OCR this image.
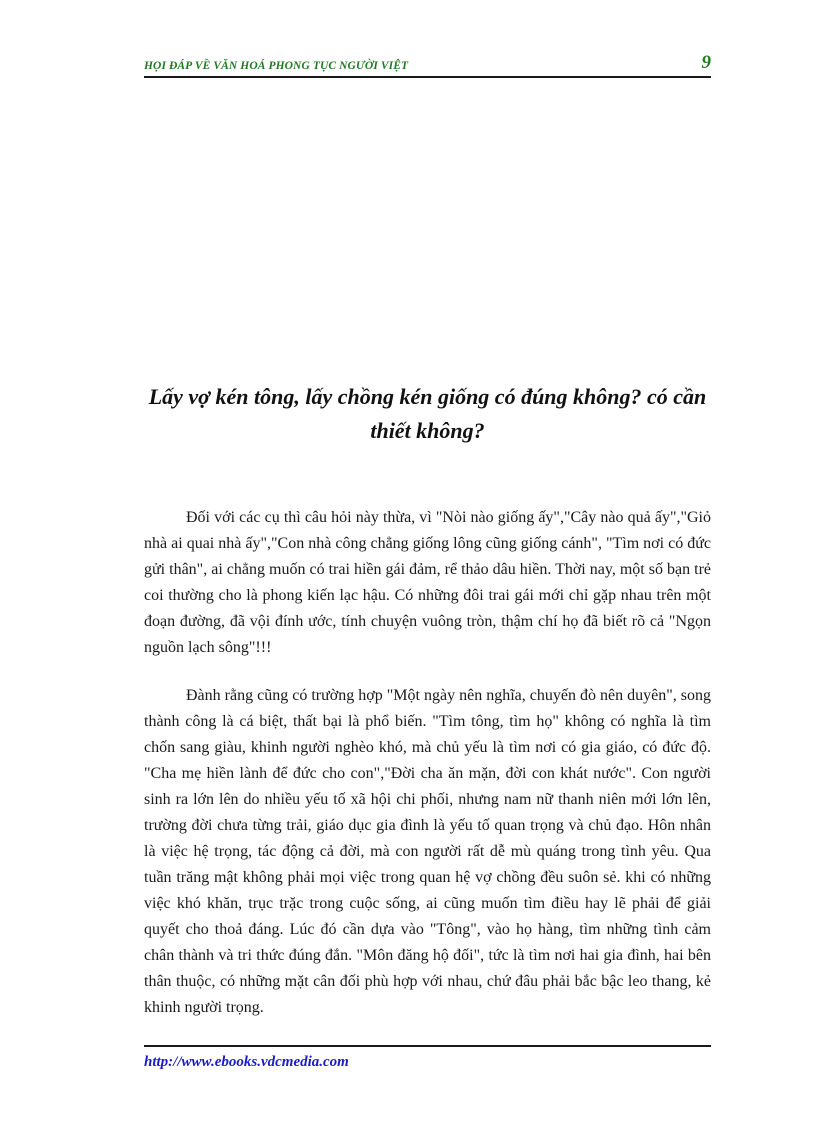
HỌI ĐÁP VỀ VĂN HOÁ PHONG TỤC NGƯỜI VIỆT	9
Lấy vợ kén tông, lấy chồng kén giống có đúng không? có cần thiết không?

Đối với các cụ thì câu hỏi này thừa, vì "Nòi nào giống ấy","Cây nào quả ấy","Giỏ nhà ai quai nhà ấy","Con nhà công chẳng giống lông cũng giống cánh", "Tìm nơi có đức gửi thân", ai chẳng muốn có trai hiền gái đảm, rể thảo dâu hiền. Thời nay, một số bạn trẻ coi thường cho là phong kiến lạc hậu. Có những đôi trai gái mới chỉ gặp nhau trên một đoạn đường, đã vội đính ước, tính chuyện vuông tròn, thậm chí họ đã biết rõ cả "Ngọn nguồn lạch sông"!!!

Đành rằng cũng có trường hợp "Một ngày nên nghĩa, chuyến đò nên duyên", song thành công là cá biệt, thất bại là phổ biến. "Tìm tông, tìm họ" không có nghĩa là tìm chốn sang giàu, khinh người nghèo khó, mà chủ yếu là tìm nơi có gia giáo, có đức độ. "Cha mẹ hiền lành để đức cho con","Đời cha ăn mặn, đời con khát nước". Con người sinh ra lớn lên do nhiều yếu tố xã hội chi phối, nhưng nam nữ thanh niên mới lớn lên, trường đời chưa từng trải, giáo dục gia đình là yếu tố quan trọng và chủ đạo. Hôn nhân là việc hệ trọng, tác động cả đời, mà con người rất dễ mù quáng trong tình yêu. Qua tuần trăng mật không phải mọi việc trong quan hệ vợ chồng đều suôn sẻ. khi có những việc khó khăn, trục trặc trong cuộc sống, ai cũng muốn tìm điều hay lẽ phải để giải quyết cho thoả đáng. Lúc đó cần dựa vào "Tông", vào họ hàng, tìm những tình cảm chân thành và tri thức đúng đắn. "Môn đăng hộ đối", tức là tìm nơi hai gia đình, hai bên thân thuộc, có những mặt cân đối phù hợp với nhau, chứ đâu phải bắc bậc leo thang, kẻ khinh người trọng.

http://www.ebooks.vdcmedia.com
